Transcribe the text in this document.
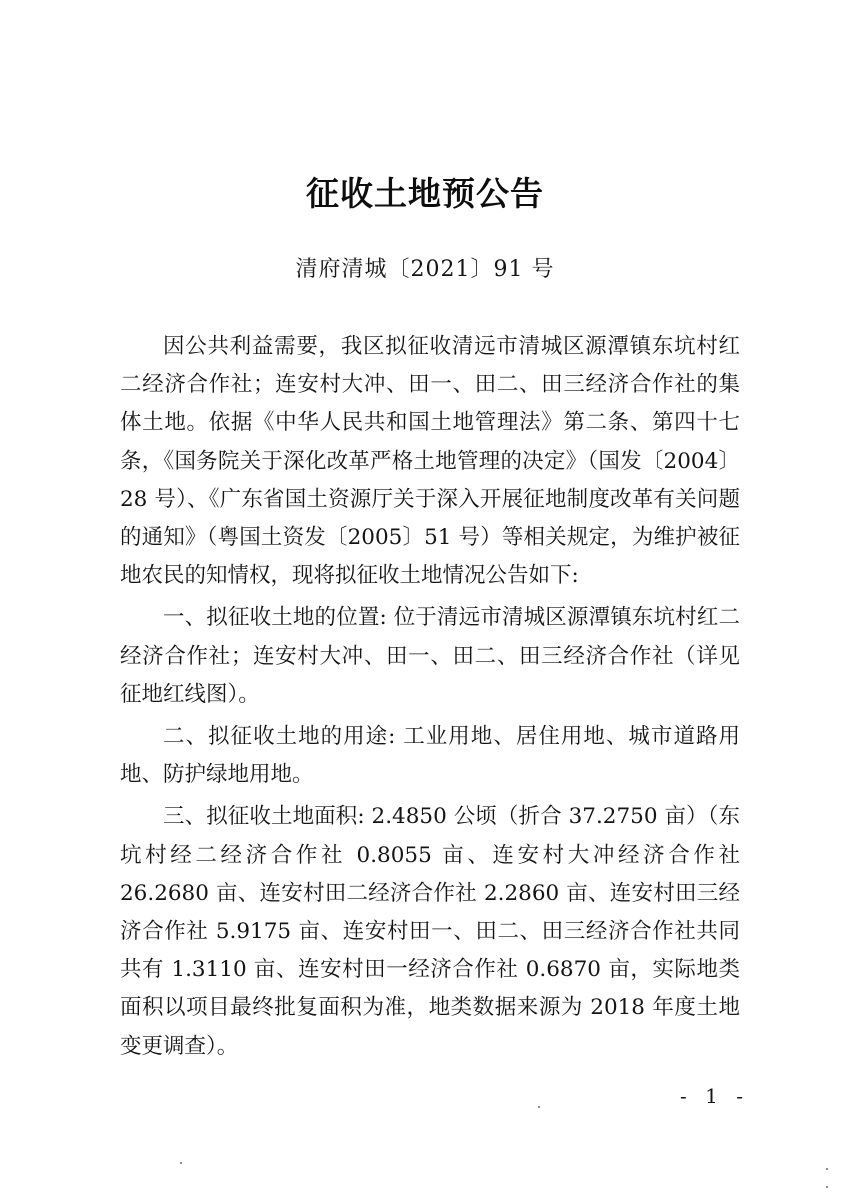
征收土地预公告
清府清城〔2021〕91 号

因公共利益需要，我区拟征收清远市清城区源潭镇东坑村红二经济合作社；连安村大冲、田一、田二、田三经济合作社的集体土地。依据《中华人民共和国土地管理法》第二条、第四十七条，《国务院关于深化改革严格土地管理的决定》（国发〔2004〕28 号）、《广东省国土资源厅关于深入开展征地制度改革有关问题的通知》（粤国土资发〔2005〕51 号）等相关规定，为维护被征地农民的知情权，现将拟征收土地情况公告如下:

一、拟征收土地的位置: 位于清远市清城区源潭镇东坑村红二经济合作社；连安村大冲、田一、田二、田三经济合作社（详见征地红线图）。

二、拟征收土地的用途: 工业用地、居住用地、城市道路用地、防护绿地用地。

三、拟征收土地面积: 2.4850 公顷（折合 37.2750 亩）（东坑村经二经济合作社 0.8055 亩、连安村大冲经济合作社 26.2680 亩、连安村田二经济合作社 2.2860 亩、连安村田三经济合作社 5.9175 亩、连安村田一、田二、田三经济合作社共同共有 1.3110 亩、连安村田一经济合作社 0.6870 亩，实际地类面积以项目最终批复面积为准，地类数据来源为 2018 年度土地变更调查）。

- 1 -
